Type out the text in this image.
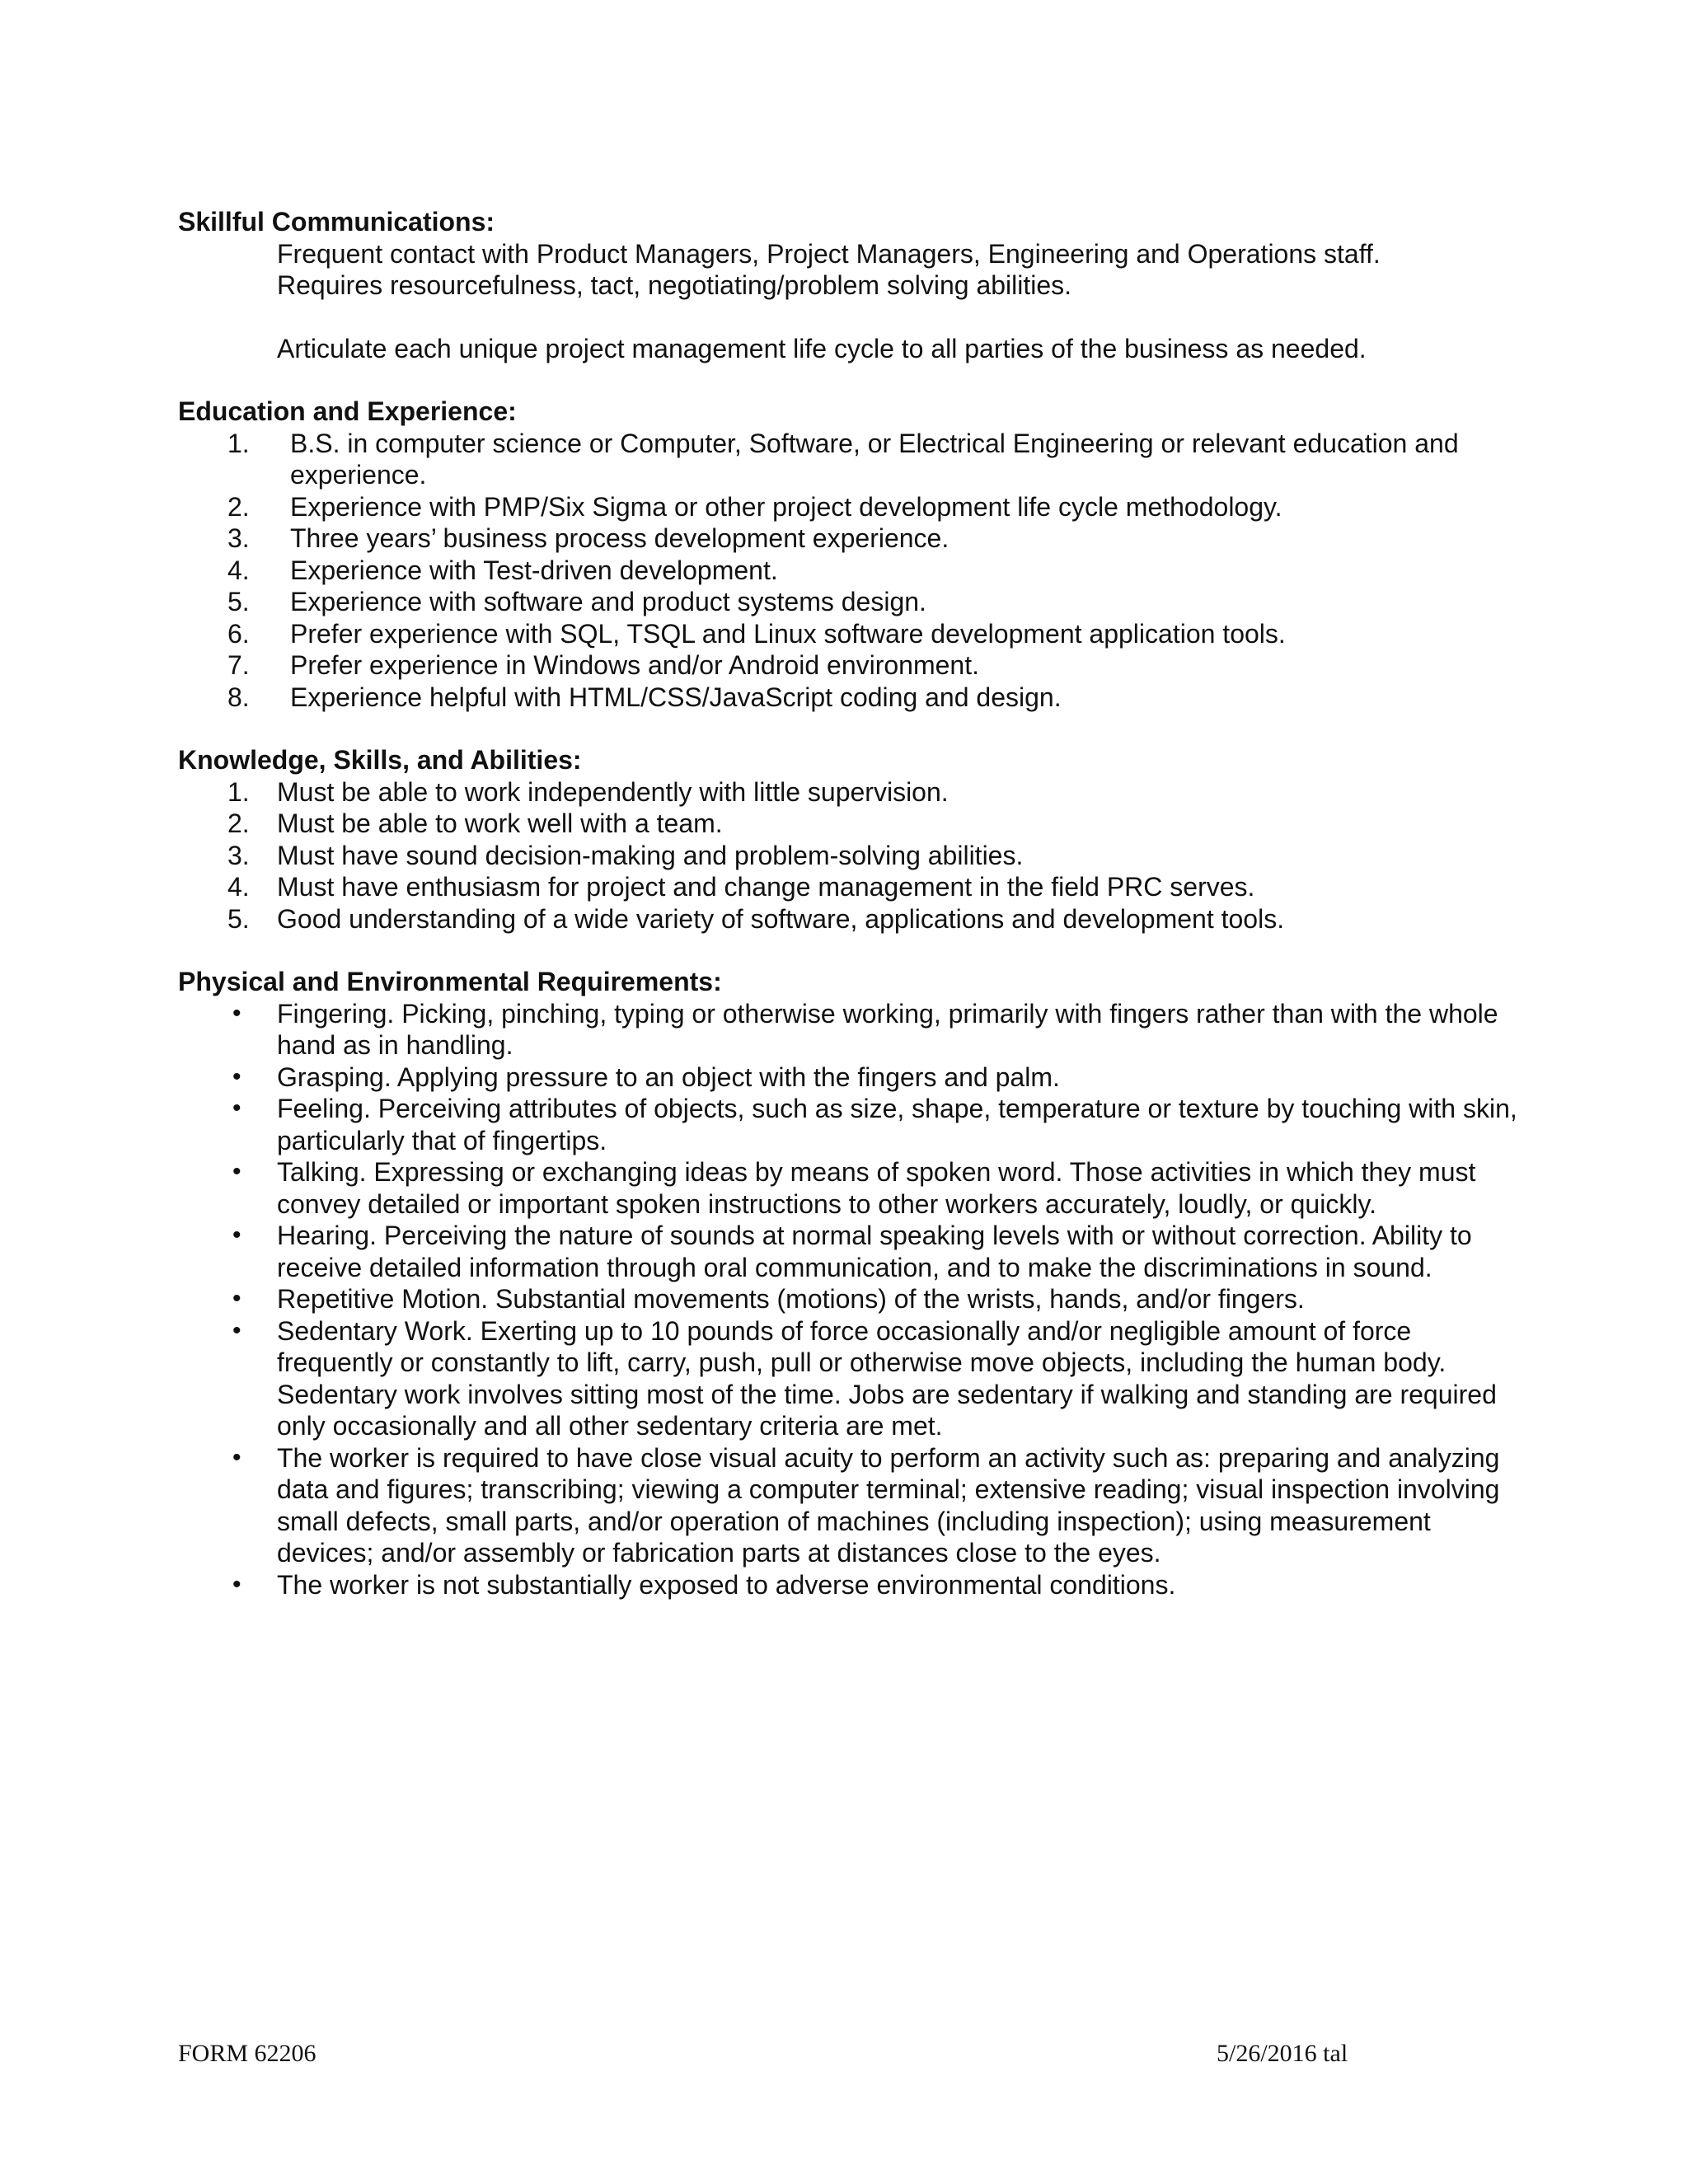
Skillful Communications:

Frequent contact with Product Managers, Project Managers, Engineering and Operations staff.

Requires resourcefulness, tact, negotiating/problem solving abilities.

Articulate each unique project management life cycle to all parties of the business as needed.

Education and Experience:

1. B.S. in computer science or Computer, Software, or Electrical Engineering or relevant education and experience.
2. Experience with PMP/Six Sigma or other project development life cycle methodology.
3. Three years’ business process development experience.
4. Experience with Test-driven development.
5. Experience with software and product systems design.
6. Prefer experience with SQL, TSQL and Linux software development application tools.
7. Prefer experience in Windows and/or Android environment.
8. Experience helpful with HTML/CSS/JavaScript coding and design.

Knowledge, Skills, and Abilities:

1. Must be able to work independently with little supervision.
2. Must be able to work well with a team.
3. Must have sound decision-making and problem-solving abilities.
4. Must have enthusiasm for project and change management in the field PRC serves.
5. Good understanding of a wide variety of software, applications and development tools.

Physical and Environmental Requirements:

• Fingering. Picking, pinching, typing or otherwise working, primarily with fingers rather than with the whole hand as in handling.
• Grasping. Applying pressure to an object with the fingers and palm.
• Feeling. Perceiving attributes of objects, such as size, shape, temperature or texture by touching with skin, particularly that of fingertips.
• Talking. Expressing or exchanging ideas by means of spoken word. Those activities in which they must convey detailed or important spoken instructions to other workers accurately, loudly, or quickly.
• Hearing. Perceiving the nature of sounds at normal speaking levels with or without correction. Ability to receive detailed information through oral communication, and to make the discriminations in sound.
• Repetitive Motion. Substantial movements (motions) of the wrists, hands, and/or fingers.
• Sedentary Work. Exerting up to 10 pounds of force occasionally and/or negligible amount of force frequently or constantly to lift, carry, push, pull or otherwise move objects, including the human body. Sedentary work involves sitting most of the time. Jobs are sedentary if walking and standing are required only occasionally and all other sedentary criteria are met.
• The worker is required to have close visual acuity to perform an activity such as: preparing and analyzing data and figures; transcribing; viewing a computer terminal; extensive reading; visual inspection involving small defects, small parts, and/or operation of machines (including inspection); using measurement devices; and/or assembly or fabrication parts at distances close to the eyes.
• The worker is not substantially exposed to adverse environmental conditions.
FORM 62206	5/26/2016 tal
